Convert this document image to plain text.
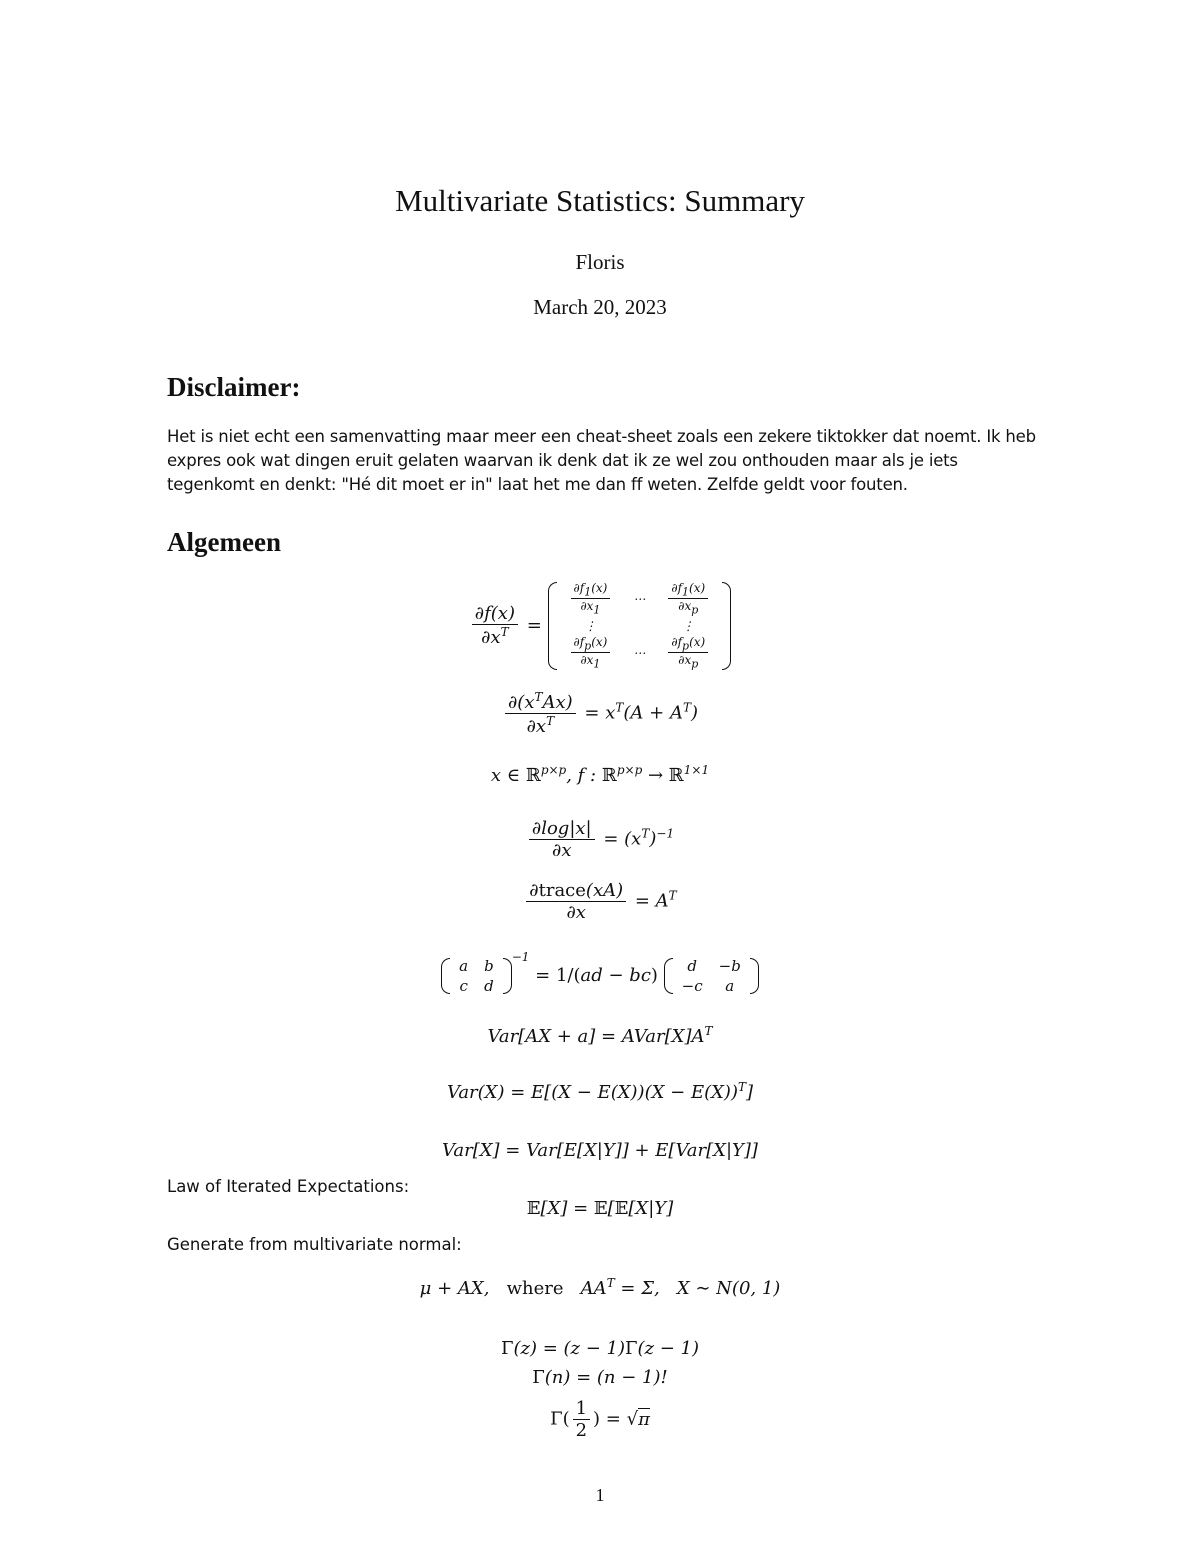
Multivariate Statistics: Summary
Floris
March 20, 2023
Disclaimer:
Het is niet echt een samenvatting maar meer een cheat-sheet zoals een zekere tiktokker dat noemt. Ik heb expres ook wat dingen eruit gelaten waarvan ik denk dat ik ze wel zou onthouden maar als je iets tegenkomt en denkt: "Hé dit moet er in" laat het me dan ff weten. Zelfde geldt voor fouten.
Algemeen
$\frac{\partial f(x)}{\partial x^T}$ =
$\frac{\partial f_1(x)}{\partial x_1}$	⋯	$\frac{\partial f_1(x)}{\partial x_p}$

⋮		⋮

$\frac{\partial f_p(x)}{\partial x_1}$	⋯	$\frac{\partial f_p(x)}{\partial x_p}$
$\frac{\partial(x^TAx)}{\partial x^T} = x^T(A + A^T)$
x ∈ ℝ$^{p\times p}$, f : ℝ$^{p\times p}$ → ℝ$^{1\times 1}$
$\frac{\partial\log|x|}{\partial x} = (x^T)^{-1}$
$\frac{\text{∂trace(xA)}}{\partial x} = A^T$
a	b
c	d
$^{-1}$ = 1/(ad − bc) d	−b
−c	a
$Var[AX + a] = AVar[X]A^T$
$Var(X) = E[(X - E(X))(X - E(X))^T]$
Var[X] = Var[E[X|Y]] + E[Var[X|Y]]
Law of Iterated Expectations:
𝔼[X] = 𝔼[𝔼[X|Y]
Generate from multivariate normal:
μ + AX,   where   $AA^T = \Sigma$,   X ∼ N(0, 1)
Γ(z) = (z − 1)Γ(z − 1)
Γ(n) = (n − 1)!
$\Gamma( \frac{1}{2}$ ) = √π
1
